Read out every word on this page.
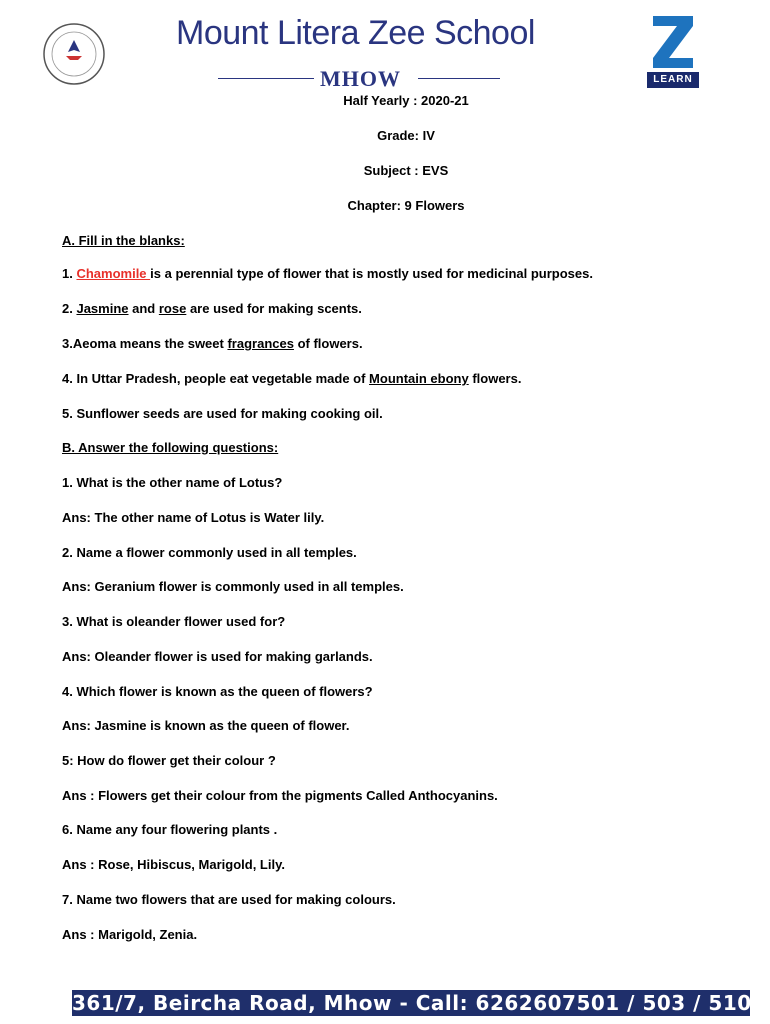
Mount Litera Zee School
MHOW	LEARN
Half Yearly : 2020-21
Grade: IV
Subject : EVS
Chapter: 9 Flowers
A. Fill in the blanks:
1. Chamomile is a perennial type of flower that is mostly used for medicinal purposes.
2. Jasmine and rose are used for making scents.
3.Aeoma means the sweet fragrances of flowers.
4. In Uttar Pradesh, people eat vegetable made of Mountain ebony flowers.
5. Sunflower seeds are used for making cooking oil.
B. Answer the following questions:
1. What is the other name of Lotus?
Ans: The other name of Lotus is Water lily.
2. Name a flower commonly used in all temples.
Ans: Geranium flower is commonly used in all temples.
3. What is oleander flower used for?
Ans: Oleander flower is used for making garlands.
4. Which flower is known as the queen of flowers?
Ans: Jasmine is known as the queen of flower.
5: How do flower get their colour ?
Ans : Flowers get their colour from the pigments Called Anthocyanins.
6. Name any four flowering plants .
Ans : Rose, Hibiscus, Marigold, Lily.
7. Name two flowers that are used for making colours.
Ans : Marigold, Zenia.
361/7, Beircha Road, Mhow - Call: 6262607501 / 503 / 510
